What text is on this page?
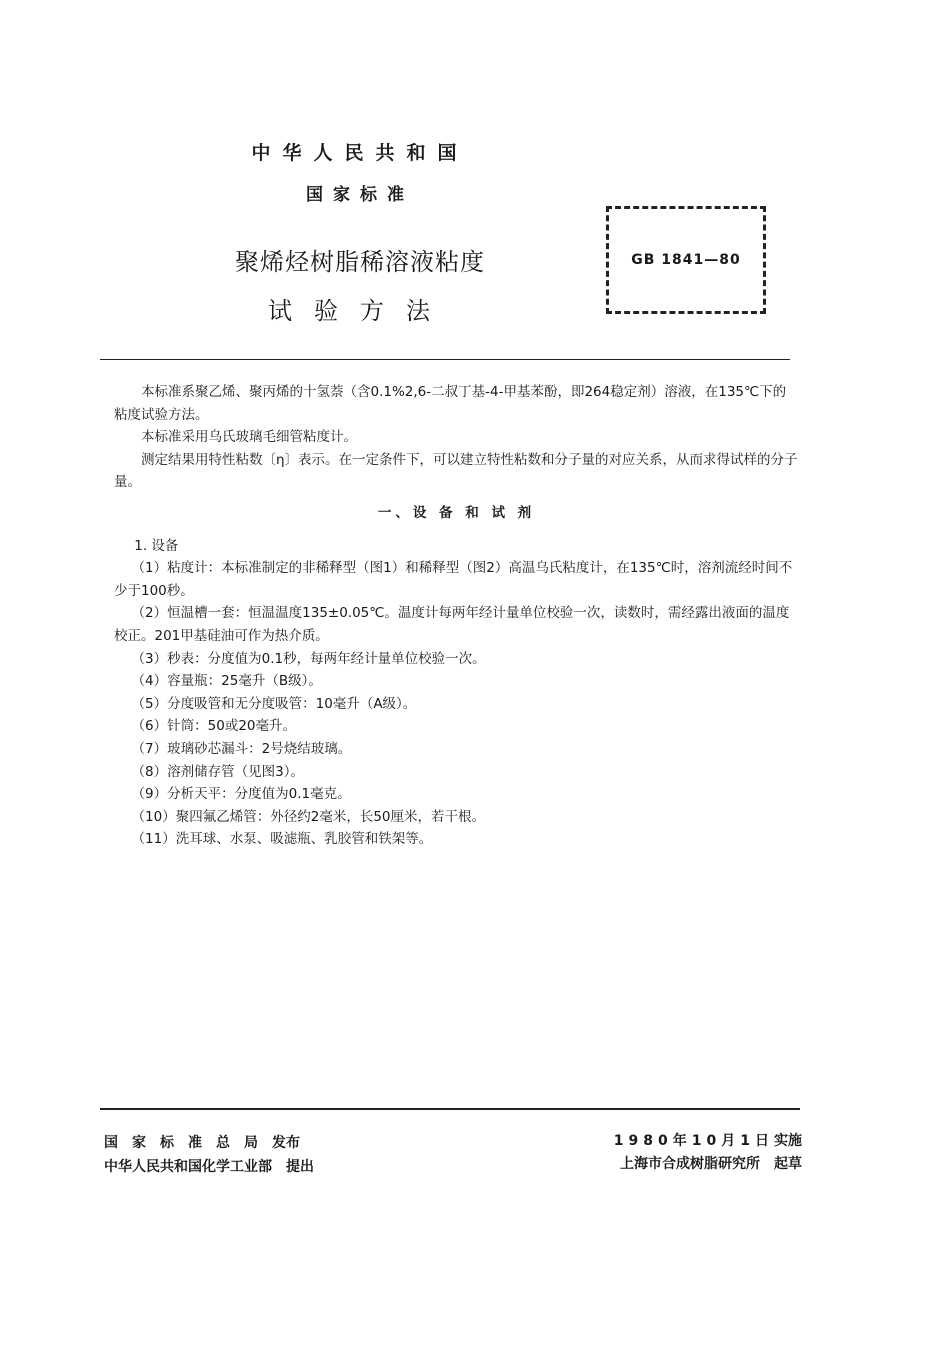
中华人民共和国
国家标准
聚烯烃树脂稀溶液粘度
试验方法
GB 1841—80

本标准系聚乙烯、聚丙烯的十氢萘（含0.1%2,6-二叔丁基-4-甲基苯酚，即264稳定剂）溶液，在135℃下的粘度试验方法。

本标准采用乌氏玻璃毛细管粘度计。

测定结果用特性粘数〔η〕表示。在一定条件下，可以建立特性粘数和分子量的对应关系，从而求得试样的分子量。

一、设 备 和 试 剂

1. 设备

（1）粘度计：本标准制定的非稀释型（图1）和稀释型（图2）高温乌氏粘度计，在135℃时，溶剂流经时间不少于100秒。
（2）恒温槽一套：恒温温度135±0.05℃。温度计每两年经计量单位校验一次，读数时，需经露出液面的温度校正。201甲基硅油可作为热介质。
（3）秒表：分度值为0.1秒，每两年经计量单位校验一次。
（4）容量瓶：25毫升（B级）。
（5）分度吸管和无分度吸管：10毫升（A级）。
（6）针筒：50或20毫升。
（7）玻璃砂芯漏斗：2号烧结玻璃。
（8）溶剂储存管（见图3）。
（9）分析天平：分度值为0.1毫克。
（10）聚四氟乙烯管：外径约2毫米，长50厘米，若干根。
（11）洗耳球、水泵、吸滤瓶、乳胶管和铁架等。
国家标准总局发布
中华人民共和国化学工业部 提出
1980年10月1日实施
上海市合成树脂研究所 起草
